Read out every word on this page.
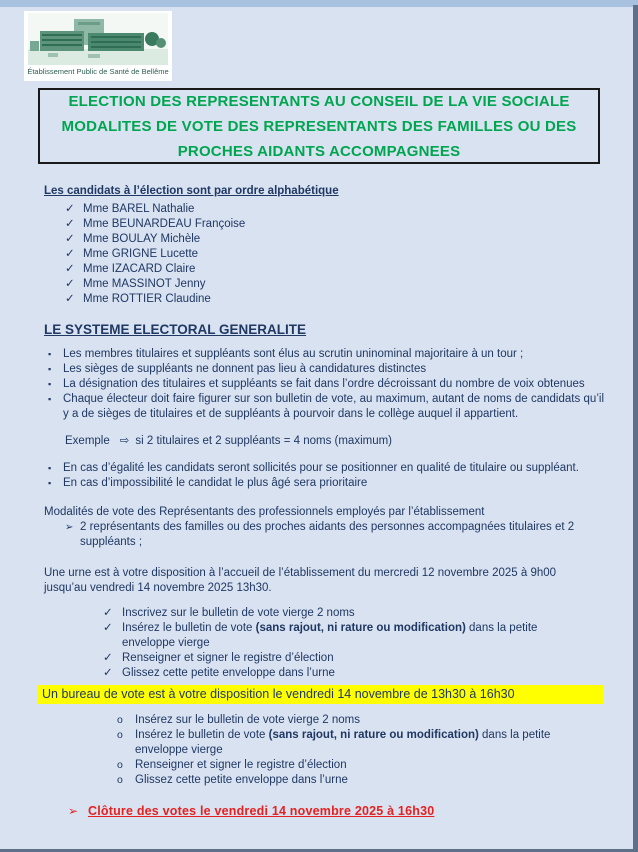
Établissement Public de Santé de Bellême
ELECTION DES REPRESENTANTS AU CONSEIL DE LA VIE SOCIALE
MODALITES DE VOTE DES REPRESENTANTS DES FAMILLES OU DES
PROCHES AIDANTS ACCOMPAGNEES
Les candidats à l’élection sont par ordre alphabétique
✓ Mme BAREL Nathalie
✓ Mme BEUNARDEAU Françoise
✓ Mme BOULAY Michèle
✓ Mme GRIGNE Lucette
✓ Mme IZACARD Claire
✓ Mme MASSINOT Jenny
✓ Mme ROTTIER Claudine
LE SYSTEME ELECTORAL GENERALITE
▪	Les membres titulaires et suppléants sont élus au scrutin uninominal majoritaire à un tour ;
▪	Les sièges de suppléants ne donnent pas lieu à candidatures distinctes
▪	La désignation des titulaires et suppléants se fait dans l’ordre décroissant du nombre de voix obtenues
▪	Chaque électeur doit faire figurer sur son bulletin de vote, au maximum, autant de noms de candidats qu’il y a de sièges de titulaires et de suppléants à pourvoir dans le collège auquel il appartient.
Exemple ⇨ si 2 titulaires et 2 suppléants = 4 noms (maximum)
▪	En cas d’égalité les candidats seront sollicités pour se positionner en qualité de titulaire ou suppléant.
▪	En cas d’impossibilité le candidat le plus âgé sera prioritaire
Modalités de vote des Représentants des professionnels employés par l’établissement
➢ 2 représentants des familles ou des proches aidants des personnes accompagnées titulaires et 2 suppléants ;
Une urne est à votre disposition à l’accueil de l’établissement du mercredi 12 novembre 2025 à 9h00 jusqu’au vendredi 14 novembre 2025 13h30.
✓ Inscrivez sur le bulletin de vote vierge 2 noms
✓ Insérez le bulletin de vote (sans rajout, ni rature ou modification) dans la petite enveloppe vierge
✓ Renseigner et signer le registre d’élection
✓ Glissez cette petite enveloppe dans l’urne
Un bureau de vote est à votre disposition le vendredi 14 novembre de 13h30 à 16h30
o	Insérez sur le bulletin de vote vierge 2 noms
o	Insérez le bulletin de vote (sans rajout, ni rature ou modification) dans la petite enveloppe vierge
o	Renseigner et signer le registre d’élection
o	Glissez cette petite enveloppe dans l’urne
➢ Clôture des votes le vendredi 14 novembre 2025 à 16h30
